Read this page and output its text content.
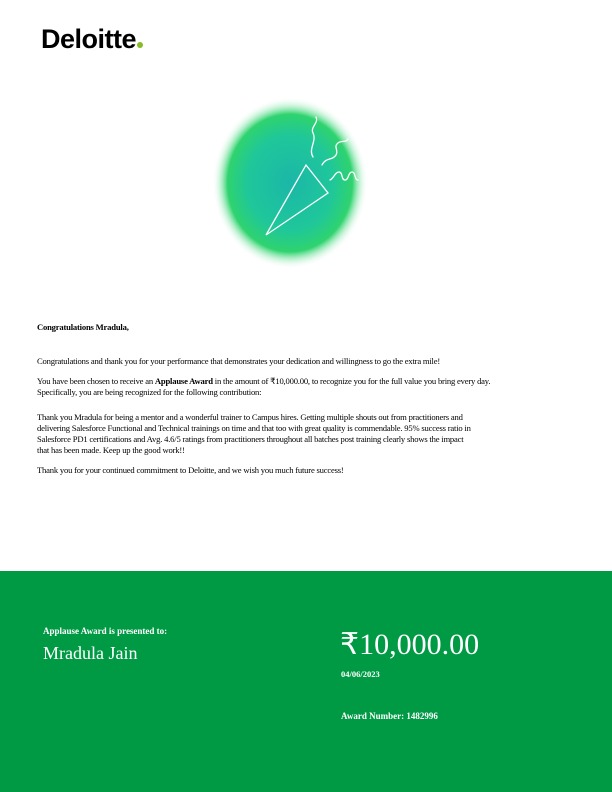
Deloitte

Congratulations Mradula,

Congratulations and thank you for your performance that demonstrates your dedication and willingness to go the extra mile!

You have been chosen to receive an Applause Award in the amount of ₹10,000.00, to recognize you for the full value you bring every day.
Specifically, you are being recognized for the following contribution:

Thank you Mradula for being a mentor and a wonderful trainer to Campus hires. Getting multiple shouts out from practitioners and
delivering Salesforce Functional and Technical trainings on time and that too with great quality is commendable. 95% success ratio in
Salesforce PD1 certifications and Avg. 4.6/5 ratings from practitioners throughout all batches post training clearly shows the impact
that has been made. Keep up the good work!!

Thank you for your continued commitment to Deloitte, and we wish you much future success!

Applause Award is presented to:
Mradula Jain	₹10,000.00
04/06/2023
Award Number: 1482996
